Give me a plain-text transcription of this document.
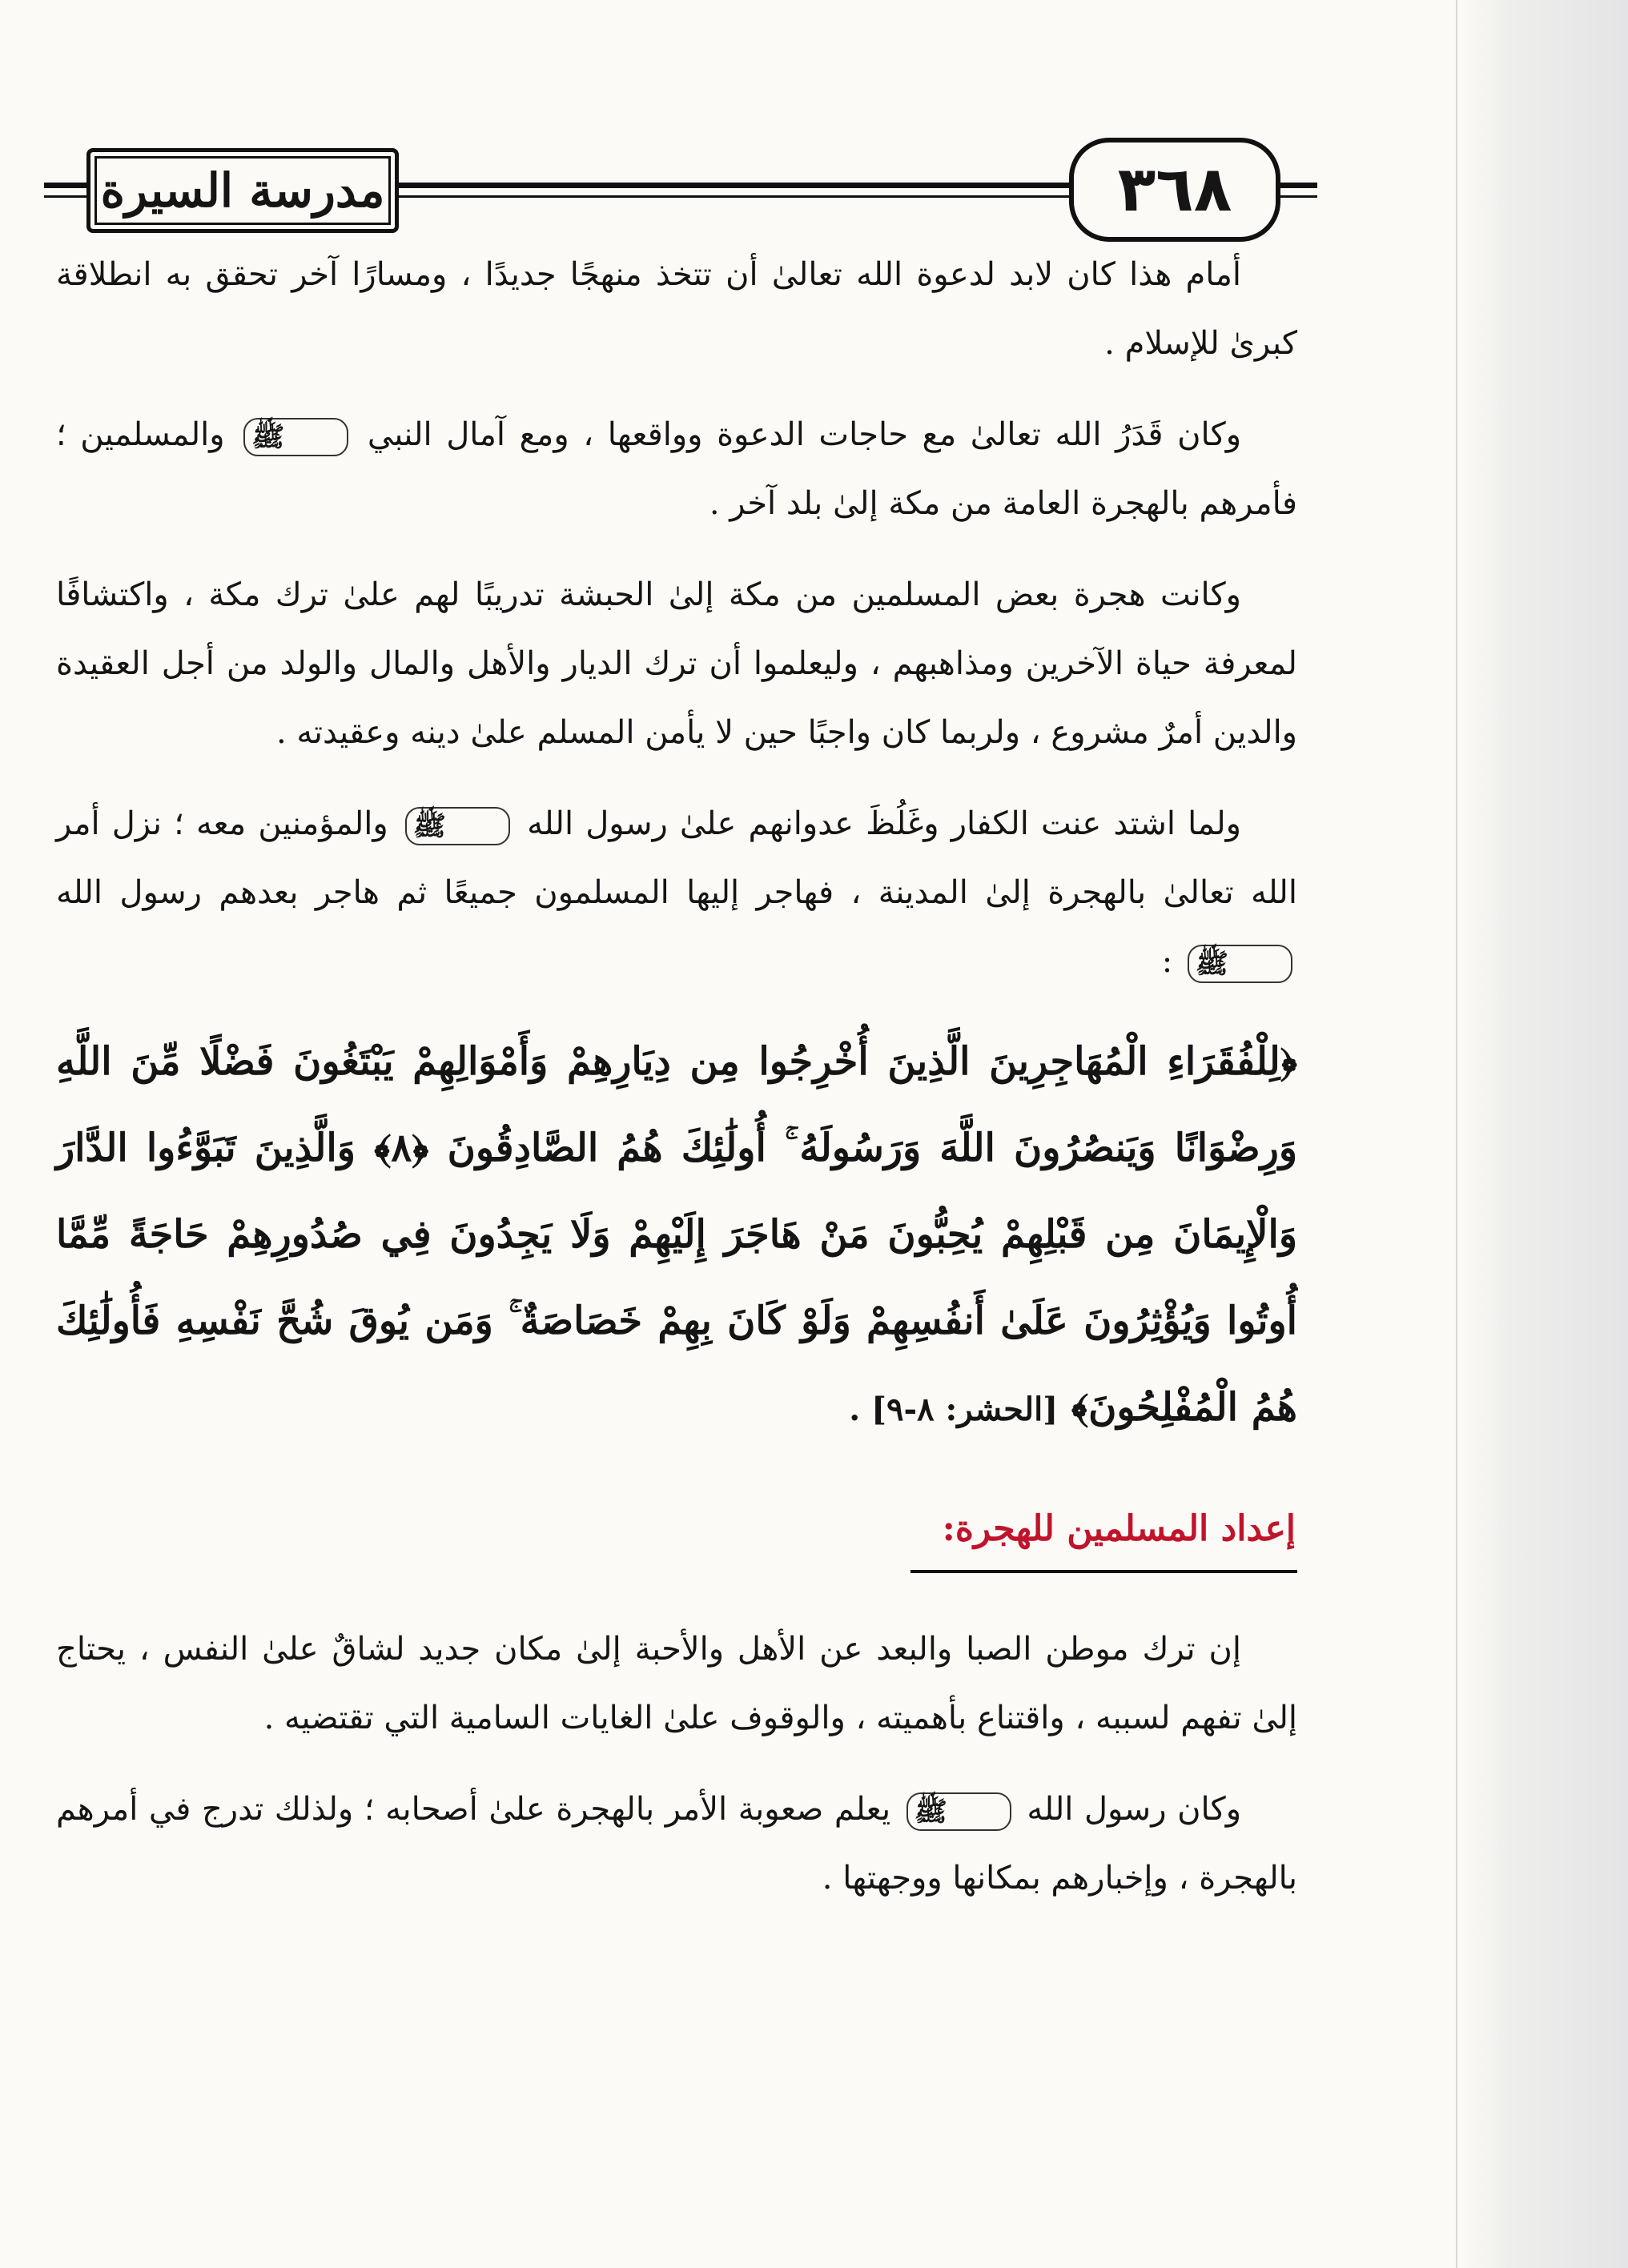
مدرسة السيرة	٣٦٨

أمام هذا كان لابد لدعوة الله تعالىٰ أن تتخذ منهجًا جديدًا ، ومسارًا آخر تحقق به انطلاقة كبرىٰ للإسلام .

وكان قَدَرُ الله تعالىٰ مع حاجات الدعوة وواقعها ، ومع آمال النبي ﷺ والمسلمين ؛ فأمرهم بالهجرة العامة من مكة إلىٰ بلد آخر .

وكانت هجرة بعض المسلمين من مكة إلىٰ الحبشة تدريبًا لهم علىٰ ترك مكة ، واكتشافًا لمعرفة حياة الآخرين ومذاهبهم ، وليعلموا أن ترك الديار والأهل والمال والولد من أجل العقيدة والدين أمرٌ مشروع ، ولربما كان واجبًا حين لا يأمن المسلم علىٰ دينه وعقيدته .

ولما اشتد عنت الكفار وغَلُظَ عدوانهم علىٰ رسول الله ﷺ والمؤمنين معه ؛ نزل أمر الله تعالىٰ بالهجرة إلىٰ المدينة ، فهاجر إليها المسلمون جميعًا ثم هاجر بعدهم رسول الله ﷺ :

﴿لِلْفُقَرَاءِ الْمُهَاجِرِينَ الَّذِينَ أُخْرِجُوا مِن دِيَارِهِمْ وَأَمْوَالِهِمْ يَبْتَغُونَ فَضْلًا مِّنَ اللَّهِ وَرِضْوَانًا وَيَنصُرُونَ اللَّهَ وَرَسُولَهُ ۚ أُولَٰئِكَ هُمُ الصَّادِقُونَ ﴿٨﴾ وَالَّذِينَ تَبَوَّءُوا الدَّارَ وَالْإِيمَانَ مِن قَبْلِهِمْ يُحِبُّونَ مَنْ هَاجَرَ إِلَيْهِمْ وَلَا يَجِدُونَ فِي صُدُورِهِمْ حَاجَةً مِّمَّا أُوتُوا وَيُؤْثِرُونَ عَلَىٰ أَنفُسِهِمْ وَلَوْ كَانَ بِهِمْ خَصَاصَةٌ ۚ وَمَن يُوقَ شُحَّ نَفْسِهِ فَأُولَٰئِكَ هُمُ الْمُفْلِحُونَ﴾ [الحشر: ٨-٩] .

إعداد المسلمين للهجرة:

إن ترك موطن الصبا والبعد عن الأهل والأحبة إلىٰ مكان جديد لشاقٌ علىٰ النفس ، يحتاج إلىٰ تفهم لسببه ، واقتناع بأهميته ، والوقوف علىٰ الغايات السامية التي تقتضيه .

وكان رسول الله ﷺ يعلم صعوبة الأمر بالهجرة علىٰ أصحابه ؛ ولذلك تدرج في أمرهم بالهجرة ، وإخبارهم بمكانها ووجهتها .
